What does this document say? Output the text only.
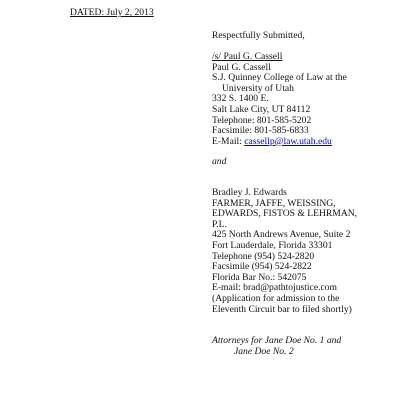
DATED: July 2, 2013
Respectfully Submitted,
/s/ Paul G. Cassell
Paul G. Cassell
S.J. Quinney College of Law at the
University of Utah
332 S. 1400 E.
Salt Lake City, UT 84112
Telephone: 801-585-5202
Facsimile: 801-585-6833
E-Mail: cassellp@law.utah.edu
and
Bradley J. Edwards
FARMER, JAFFE, WEISSING,
EDWARDS, FISTOS & LEHRMAN,
P.L.
425 North Andrews Avenue, Suite 2
Fort Lauderdale, Florida 33301
Telephone (954) 524-2820
Facsimile (954) 524-2822
Florida Bar No.: 542075
E-mail: brad@pathtojustice.com
(Application for admission to the
Eleventh Circuit bar to filed shortly)
Attorneys for Jane Doe No. 1 and
Jane Doe No. 2
